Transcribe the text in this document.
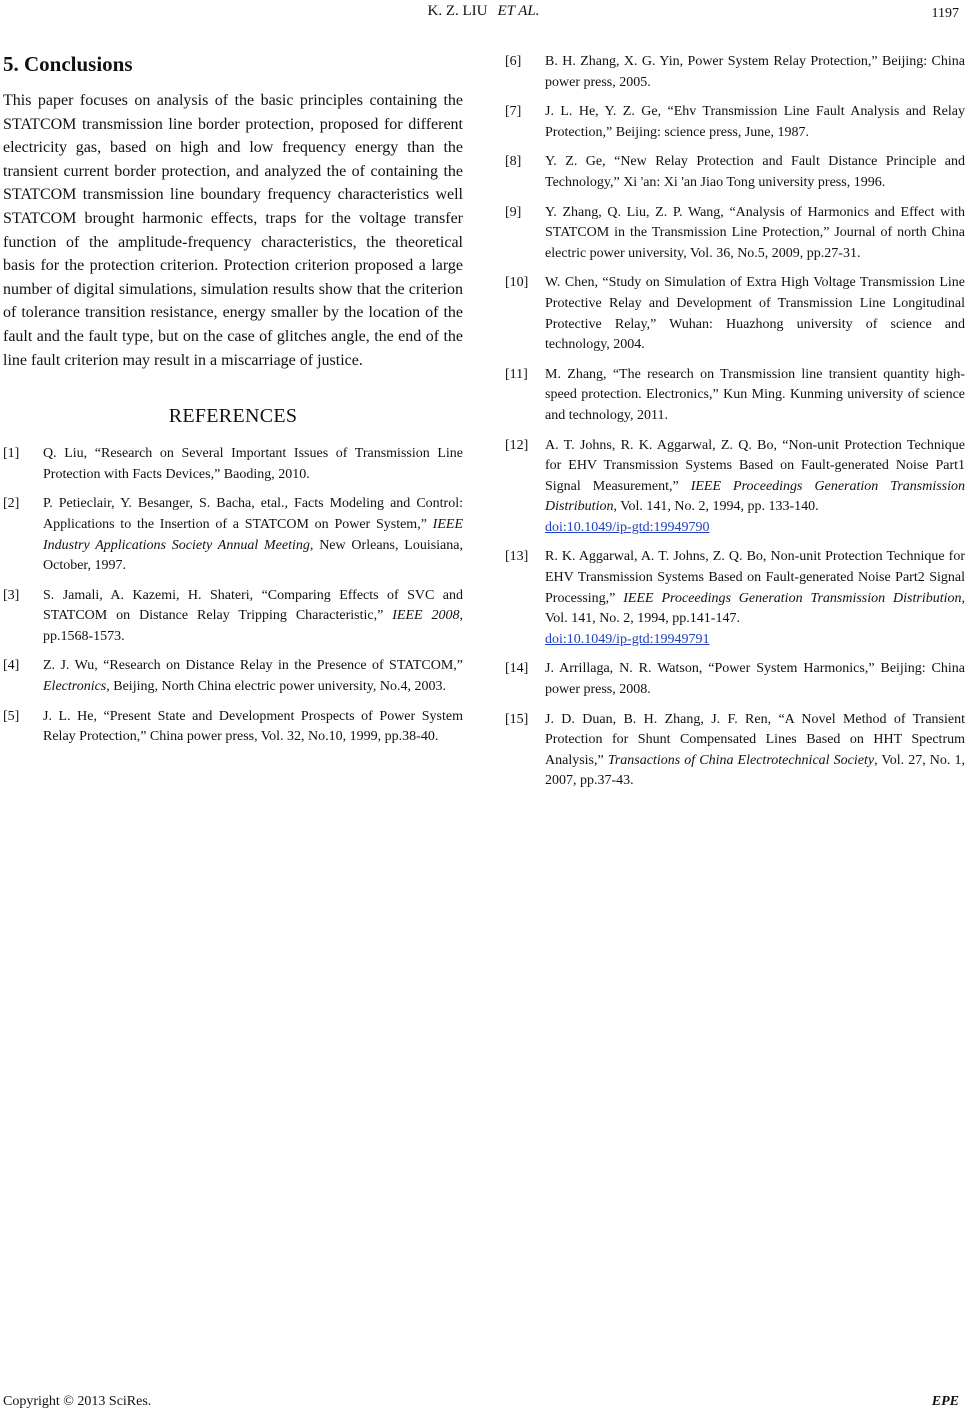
K. Z. LIU ET AL.	1197
5. Conclusions

This paper focuses on analysis of the basic principles containing the STATCOM transmission line border protection, proposed for different electricity gas, based on high and low frequency energy than the transient current border protection, and analyzed the of containing the STATCOM transmission line boundary frequency characteristics well STATCOM brought harmonic effects, traps for the voltage transfer function of the amplitude-frequency characteristics, the theoretical basis for the protection criterion. Protection criterion proposed a large number of digital simulations, simulation results show that the criterion of tolerance transition resistance, energy smaller by the location of the fault and the fault type, but on the case of glitches angle, the end of the line fault criterion may result in a miscarriage of justice.

REFERENCES
[1] Q. Liu, “Research on Several Important Issues of Transmission Line Protection with Facts Devices,” Baoding, 2010.
[2] P. Petieclair, Y. Besanger, S. Bacha, etal., Facts Modeling and Control: Applications to the Insertion of a STATCOM on Power System,” IEEE Industry Applications Society Annual Meeting, New Orleans, Louisiana, October, 1997.
[3] S. Jamali, A. Kazemi, H. Shateri, “Comparing Effects of SVC and STATCOM on Distance Relay Tripping Characteristic,” IEEE 2008, pp.1568-1573.
[4] Z. J. Wu, “Research on Distance Relay in the Presence of STATCOM,” Electronics, Beijing, North China electric power university, No.4, 2003.
[5] J. L. He, “Present State and Development Prospects of Power System Relay Protection,” China power press, Vol. 32, No.10, 1999, pp.38-40.
[6] B. H. Zhang, X. G. Yin, Power System Relay Protection,” Beijing: China power press, 2005.
[7] J. L. He, Y. Z. Ge, “Ehv Transmission Line Fault Analysis and Relay Protection,” Beijing: science press, June, 1987.
[8] Y. Z. Ge, “New Relay Protection and Fault Distance Principle and Technology,” Xi 'an: Xi 'an Jiao Tong university press, 1996.
[9] Y. Zhang, Q. Liu, Z. P. Wang, “Analysis of Harmonics and Effect with STATCOM in the Transmission Line Protection,” Journal of north China electric power university, Vol. 36, No.5, 2009, pp.27-31.
[10] W. Chen, “Study on Simulation of Extra High Voltage Transmission Line Protective Relay and Development of Transmission Line Longitudinal Protective Relay,” Wuhan: Huazhong university of science and technology, 2004.
[11] M. Zhang, “The research on Transmission line transient quantity high-speed protection. Electronics,” Kun Ming. Kunming university of science and technology, 2011.
[12] A. T. Johns, R. K. Aggarwal, Z. Q. Bo, “Non-unit Protection Technique for EHV Transmission Systems Based on Fault-generated Noise Part1 Signal Measurement,” IEEE Proceedings Generation Transmission Distribution, Vol. 141, No. 2, 1994, pp. 133-140.
doi:10.1049/ip-gtd:19949790
[13] R. K. Aggarwal, A. T. Johns, Z. Q. Bo, Non-unit Protection Technique for EHV Transmission Systems Based on Fault-generated Noise Part2 Signal Processing,” IEEE Proceedings Generation Transmission Distribution, Vol. 141, No. 2, 1994, pp.141-147.
doi:10.1049/ip-gtd:19949791
[14] J. Arrillaga, N. R. Watson, “Power System Harmonics,” Beijing: China power press, 2008.
[15] J. D. Duan, B. H. Zhang, J. F. Ren, “A Novel Method of Transient Protection for Shunt Compensated Lines Based on HHT Spectrum Analysis,” Transactions of China Electrotechnical Society, Vol. 27, No. 1, 2007, pp.37-43.
Copyright © 2013 SciRes.	EPE
